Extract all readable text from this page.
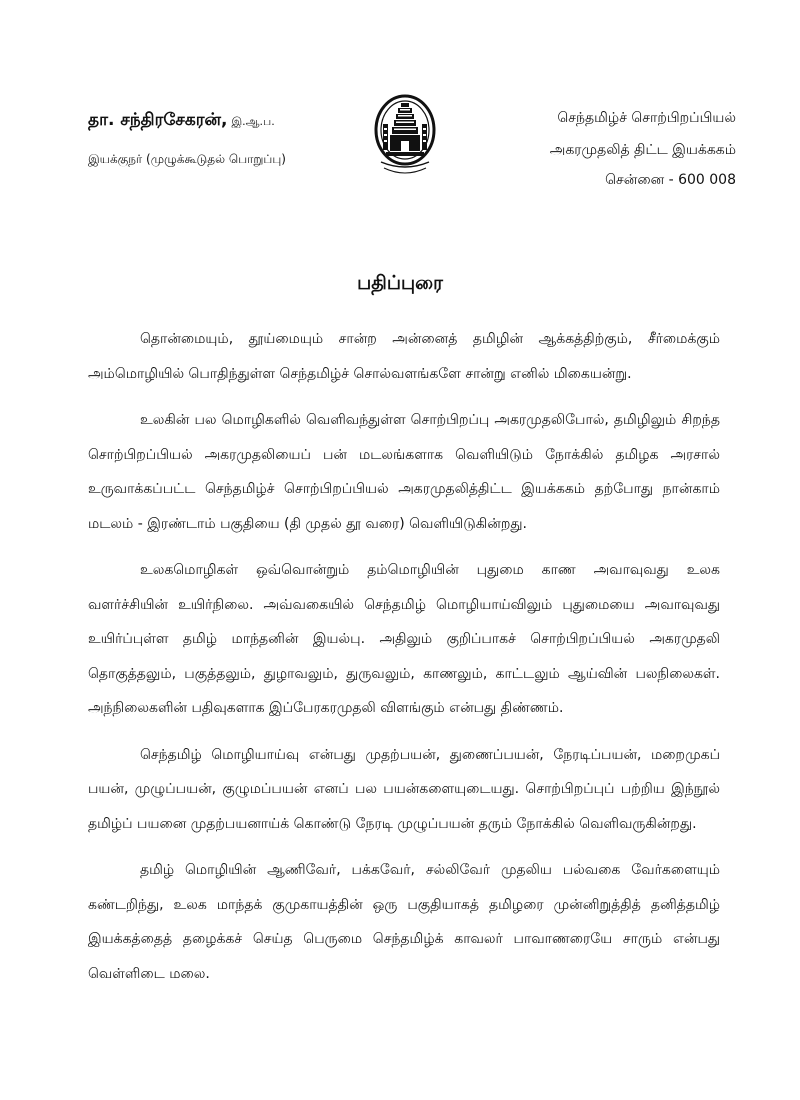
தா. சந்திரசேகரன், இ.ஆ.ப.
இயக்குநர் (முழுக்கூடுதல் பொறுப்பு)
செந்தமிழ்ச் சொற்பிறப்பியல்
அகரமுதலித் திட்ட இயக்ககம்
சென்னை - 600 008
பதிப்புரை

தொன்மையும், தூய்மையும் சான்ற அன்னைத் தமிழின் ஆக்கத்திற்கும், சீர்மைக்கும் அம்மொழியில் பொதிந்துள்ள செந்தமிழ்ச் சொல்வளங்களே சான்று எனில் மிகையன்று.

உலகின் பல மொழிகளில் வெளிவந்துள்ள சொற்பிறப்பு அகரமுதலிபோல், தமிழிலும் சிறந்த சொற்பிறப்பியல் அகரமுதலியைப் பன் மடலங்களாக வெளியிடும் நோக்கில் தமிழக அரசால் உருவாக்கப்பட்ட செந்தமிழ்ச் சொற்பிறப்பியல் அகரமுதலித்திட்ட இயக்ககம் தற்போது நான்காம் மடலம் - இரண்டாம் பகுதியை (தி முதல் தூ வரை) வெளியிடுகின்றது.

உலகமொழிகள் ஒவ்வொன்றும் தம்மொழியின் புதுமை காண அவாவுவது உலக வளர்ச்சியின் உயிர்நிலை. அவ்வகையில் செந்தமிழ் மொழியாய்விலும் புதுமையை அவாவுவது உயிர்ப்புள்ள தமிழ் மாந்தனின் இயல்பு. அதிலும் குறிப்பாகச் சொற்பிறப்பியல் அகரமுதலி தொகுத்தலும், பகுத்தலும், துழாவலும், துருவலும், காணலும், காட்டலும் ஆய்வின் பலநிலைகள். அந்நிலைகளின் பதிவுகளாக இப்பேரகரமுதலி விளங்கும் என்பது திண்ணம்.

செந்தமிழ் மொழியாய்வு என்பது முதற்பயன், துணைப்பயன், நேரடிப்பயன், மறைமுகப் பயன், முழுப்பயன், குழுமப்பயன் எனப் பல பயன்களையுடையது. சொற்பிறப்புப் பற்றிய இந்நூல் தமிழ்ப் பயனை முதற்பயனாய்க் கொண்டு நேரடி முழுப்பயன் தரும் நோக்கில் வெளிவருகின்றது.

தமிழ் மொழியின் ஆணிவேர், பக்கவேர், சல்லிவேர் முதலிய பல்வகை வேர்களையும் கண்டறிந்து, உலக மாந்தக் குமுகாயத்தின் ஒரு பகுதியாகத் தமிழரை முன்னிறுத்தித் தனித்தமிழ் இயக்கத்தைத் தழைக்கச் செய்த பெருமை செந்தமிழ்க் காவலர் பாவாணரையே சாரும் என்பது வெள்ளிடை மலை.
